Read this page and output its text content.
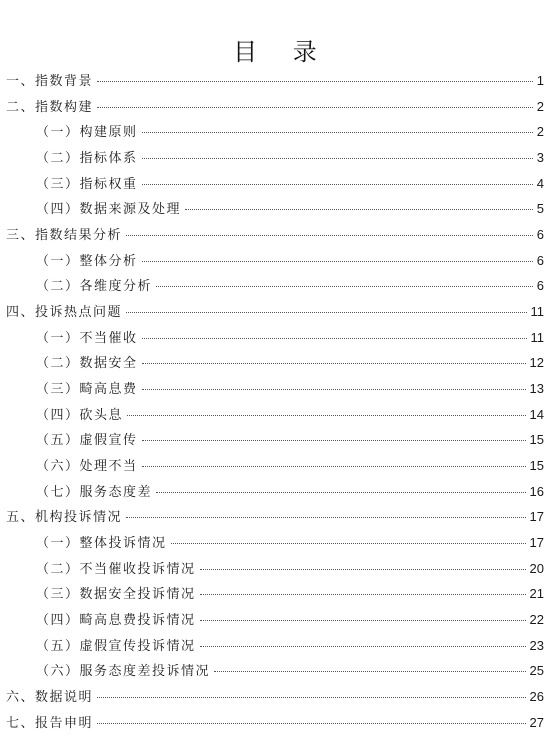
目 录
一、指数背景	1
二、指数构建	2
（一）构建原则	2
（二）指标体系	3
（三）指标权重	4
（四）数据来源及处理	5
三、指数结果分析	6
（一）整体分析	6
（二）各维度分析	6
四、投诉热点问题	11
（一）不当催收	11
（二）数据安全	12
（三）畸高息费	13
（四）砍头息	14
（五）虚假宣传	15
（六）处理不当	15
（七）服务态度差	16
五、机构投诉情况	17
（一）整体投诉情况	17
（二）不当催收投诉情况	20
（三）数据安全投诉情况	21
（四）畸高息费投诉情况	22
（五）虚假宣传投诉情况	23
（六）服务态度差投诉情况	25
六、数据说明	26
七、报告申明	27
